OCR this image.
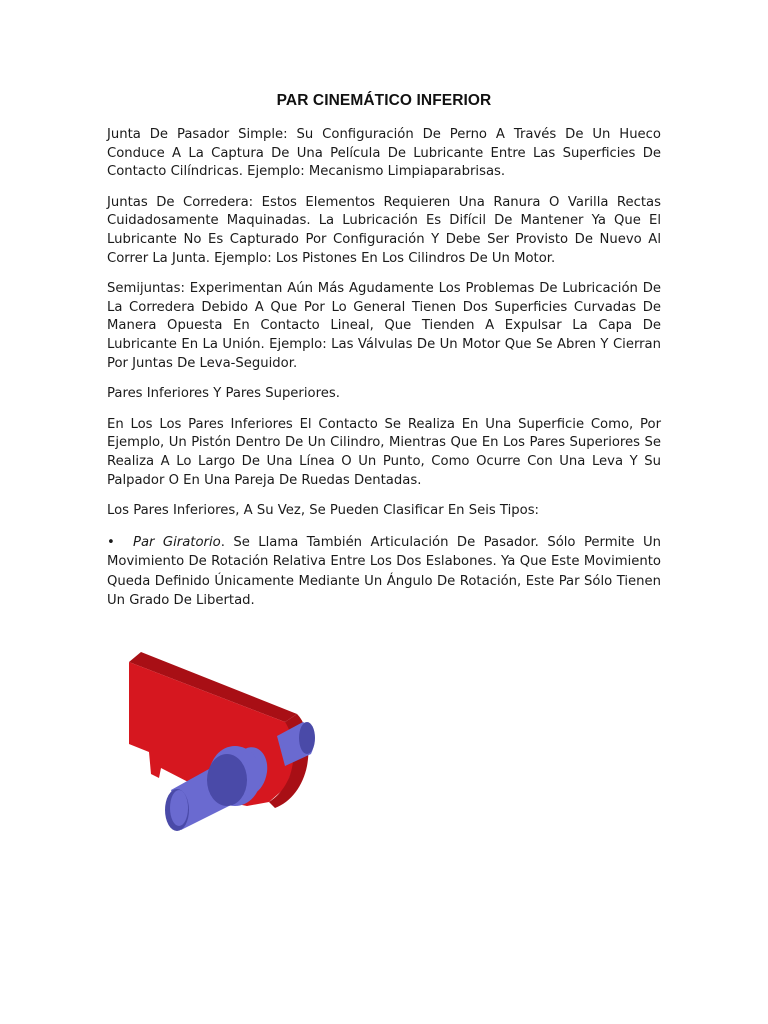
PAR CINEMÁTICO INFERIOR

Junta De Pasador Simple: Su Configuración De Perno A Través De Un Hueco Conduce A La Captura De Una Película De Lubricante Entre Las Superficies De Contacto Cilíndricas. Ejemplo: Mecanismo Limpiaparabrisas.

Juntas De Corredera: Estos Elementos Requieren Una Ranura O Varilla Rectas Cuidadosamente Maquinadas. La Lubricación Es Difícil De Mantener Ya Que El Lubricante No Es Capturado Por Configuración Y Debe Ser Provisto De Nuevo Al Correr La Junta. Ejemplo: Los Pistones En Los Cilindros De Un Motor.

Semijuntas: Experimentan Aún Más Agudamente Los Problemas De Lubricación De La Corredera Debido A Que Por Lo General Tienen Dos Superficies Curvadas De Manera Opuesta En Contacto Lineal, Que Tienden A Expulsar La Capa De Lubricante En La Unión. Ejemplo: Las Válvulas De Un Motor Que Se Abren Y Cierran Por Juntas De Leva-Seguidor.

Pares Inferiores Y Pares Superiores.

En Los Los Pares Inferiores El Contacto Se Realiza En Una Superficie Como, Por Ejemplo, Un Pistón Dentro De Un Cilindro, Mientras Que En Los Pares Superiores Se Realiza A Lo Largo De Una Línea O Un Punto, Como Ocurre Con Una Leva Y Su Palpador O En Una Pareja De Ruedas Dentadas.

Los Pares Inferiores, A Su Vez, Se Pueden Clasificar En Seis Tipos:

• Par Giratorio. Se Llama También Articulación De Pasador. Sólo Permite Un Movimiento De Rotación Relativa Entre Los Dos Eslabones. Ya Que Este Movimiento Queda Definido Únicamente Mediante Un Ángulo De Rotación, Este Par Sólo Tienen Un Grado De Libertad.
